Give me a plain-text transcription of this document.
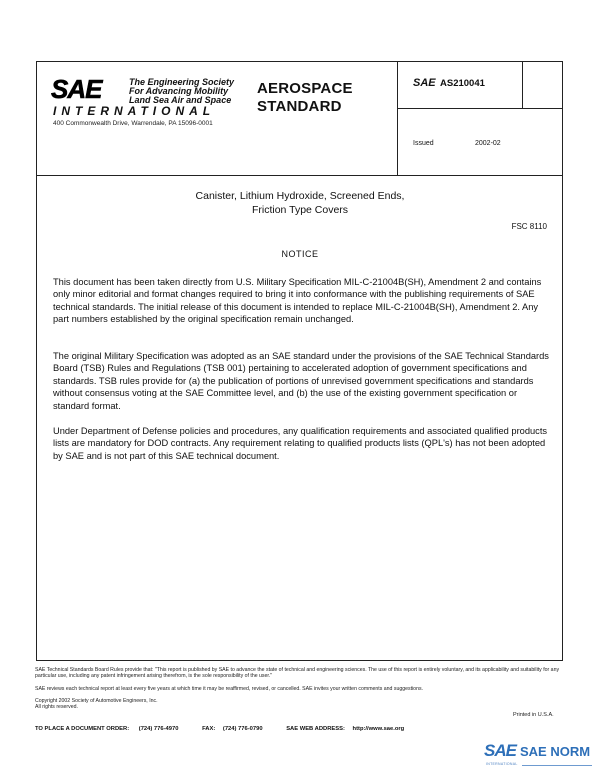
SAE	The Engineering Society
For Advancing Mobility
Land Sea Air and Space
INTERNATIONAL
400 Commonwealth Drive, Warrendale, PA 15096-0001
AEROSPACE
STANDARD
SAE AS210041
Issued	2002-02
Canister, Lithium Hydroxide, Screened Ends,
Friction Type Covers
FSC 8110
NOTICE
This document has been taken directly from U.S. Military Specification MIL-C-21004B(SH), Amendment 2 and contains only minor editorial and format changes required to bring it into conformance with the publishing requirements of SAE technical standards. The initial release of this document is intended to replace MIL-C-21004B(SH), Amendment 2. Any part numbers established by the original specification remain unchanged.
The original Military Specification was adopted as an SAE standard under the provisions of the SAE Technical Standards Board (TSB) Rules and Regulations (TSB 001) pertaining to accelerated adoption of government specifications and standards. TSB rules provide for (a) the publication of portions of unrevised government specifications and standards without consensus voting at the SAE Committee level, and (b) the use of the existing government specification or standard format.
Under Department of Defense policies and procedures, any qualification requirements and associated qualified products lists are mandatory for DOD contracts. Any requirement relating to qualified products lists (QPL's) has not been adopted by SAE and is not part of this SAE technical document.
SAE Technical Standards Board Rules provide that: "This report is published by SAE to advance the state of technical and engineering sciences. The use of this report is entirely voluntary, and its applicability and suitability for any particular use, including any patent infringement arising therefrom, is the sole responsibility of the user."
SAE reviews each technical report at least every five years at which time it may be reaffirmed, revised, or cancelled. SAE invites your written comments and suggestions.
Copyright 2002 Society of Automotive Engineers, Inc.
All rights reserved.
Printed in U.S.A.
TO PLACE A DOCUMENT ORDER: (724) 776-4970	FAX: (724) 776-0790	SAE WEB ADDRESS: http://www.sae.org
SAE SAE NORM
INTERNATIONAL
